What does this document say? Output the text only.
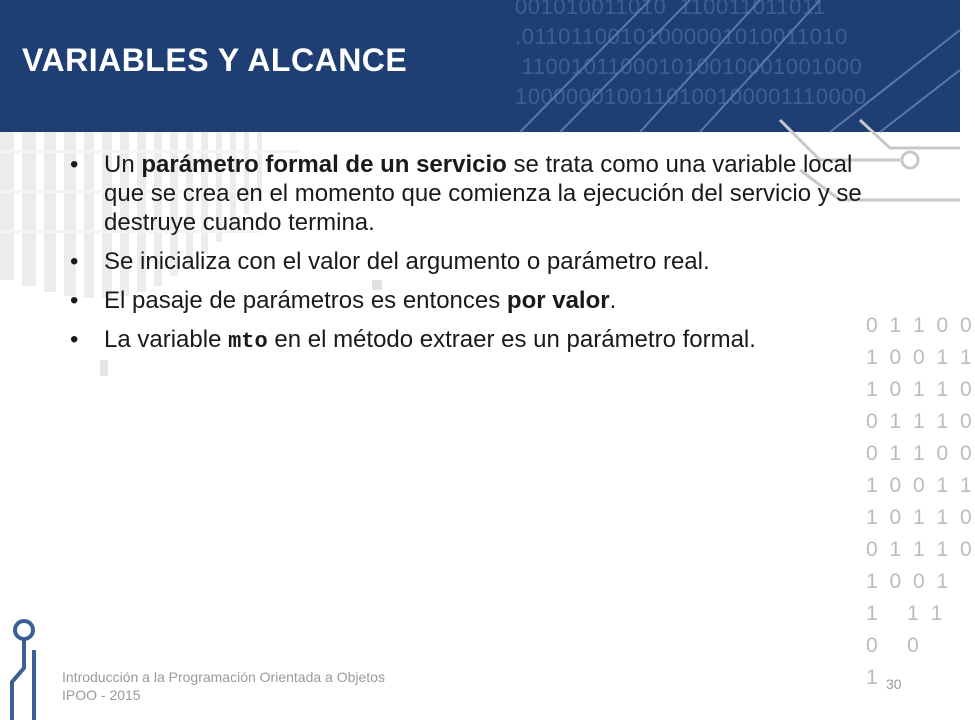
001010011010  110011011011
.01101100101000001010011010
110010110001010010001001000
1000000100110100100001110000
VARIABLES Y ALCANCE
0 1 1 0 0
1 0 0 1 1
1 0 1 1 0
0 1 1 1 0
0 1 1 0 0
1 0 0 1 1
1 0 1 1 0
0 1 1 1 0
1 0 0 1
1   1 1
0   0
1
• Un parámetro formal de un servicio se trata como una variable local que se crea en el momento que comienza la ejecución del servicio y se destruye cuando termina.
• Se inicializa con el valor del argumento o parámetro real.
• El pasaje de parámetros es entonces por valor.
• La variable mto en el método extraer es un parámetro formal.
Introducción a la Programación Orientada a Objetos
IPOO - 2015
30
